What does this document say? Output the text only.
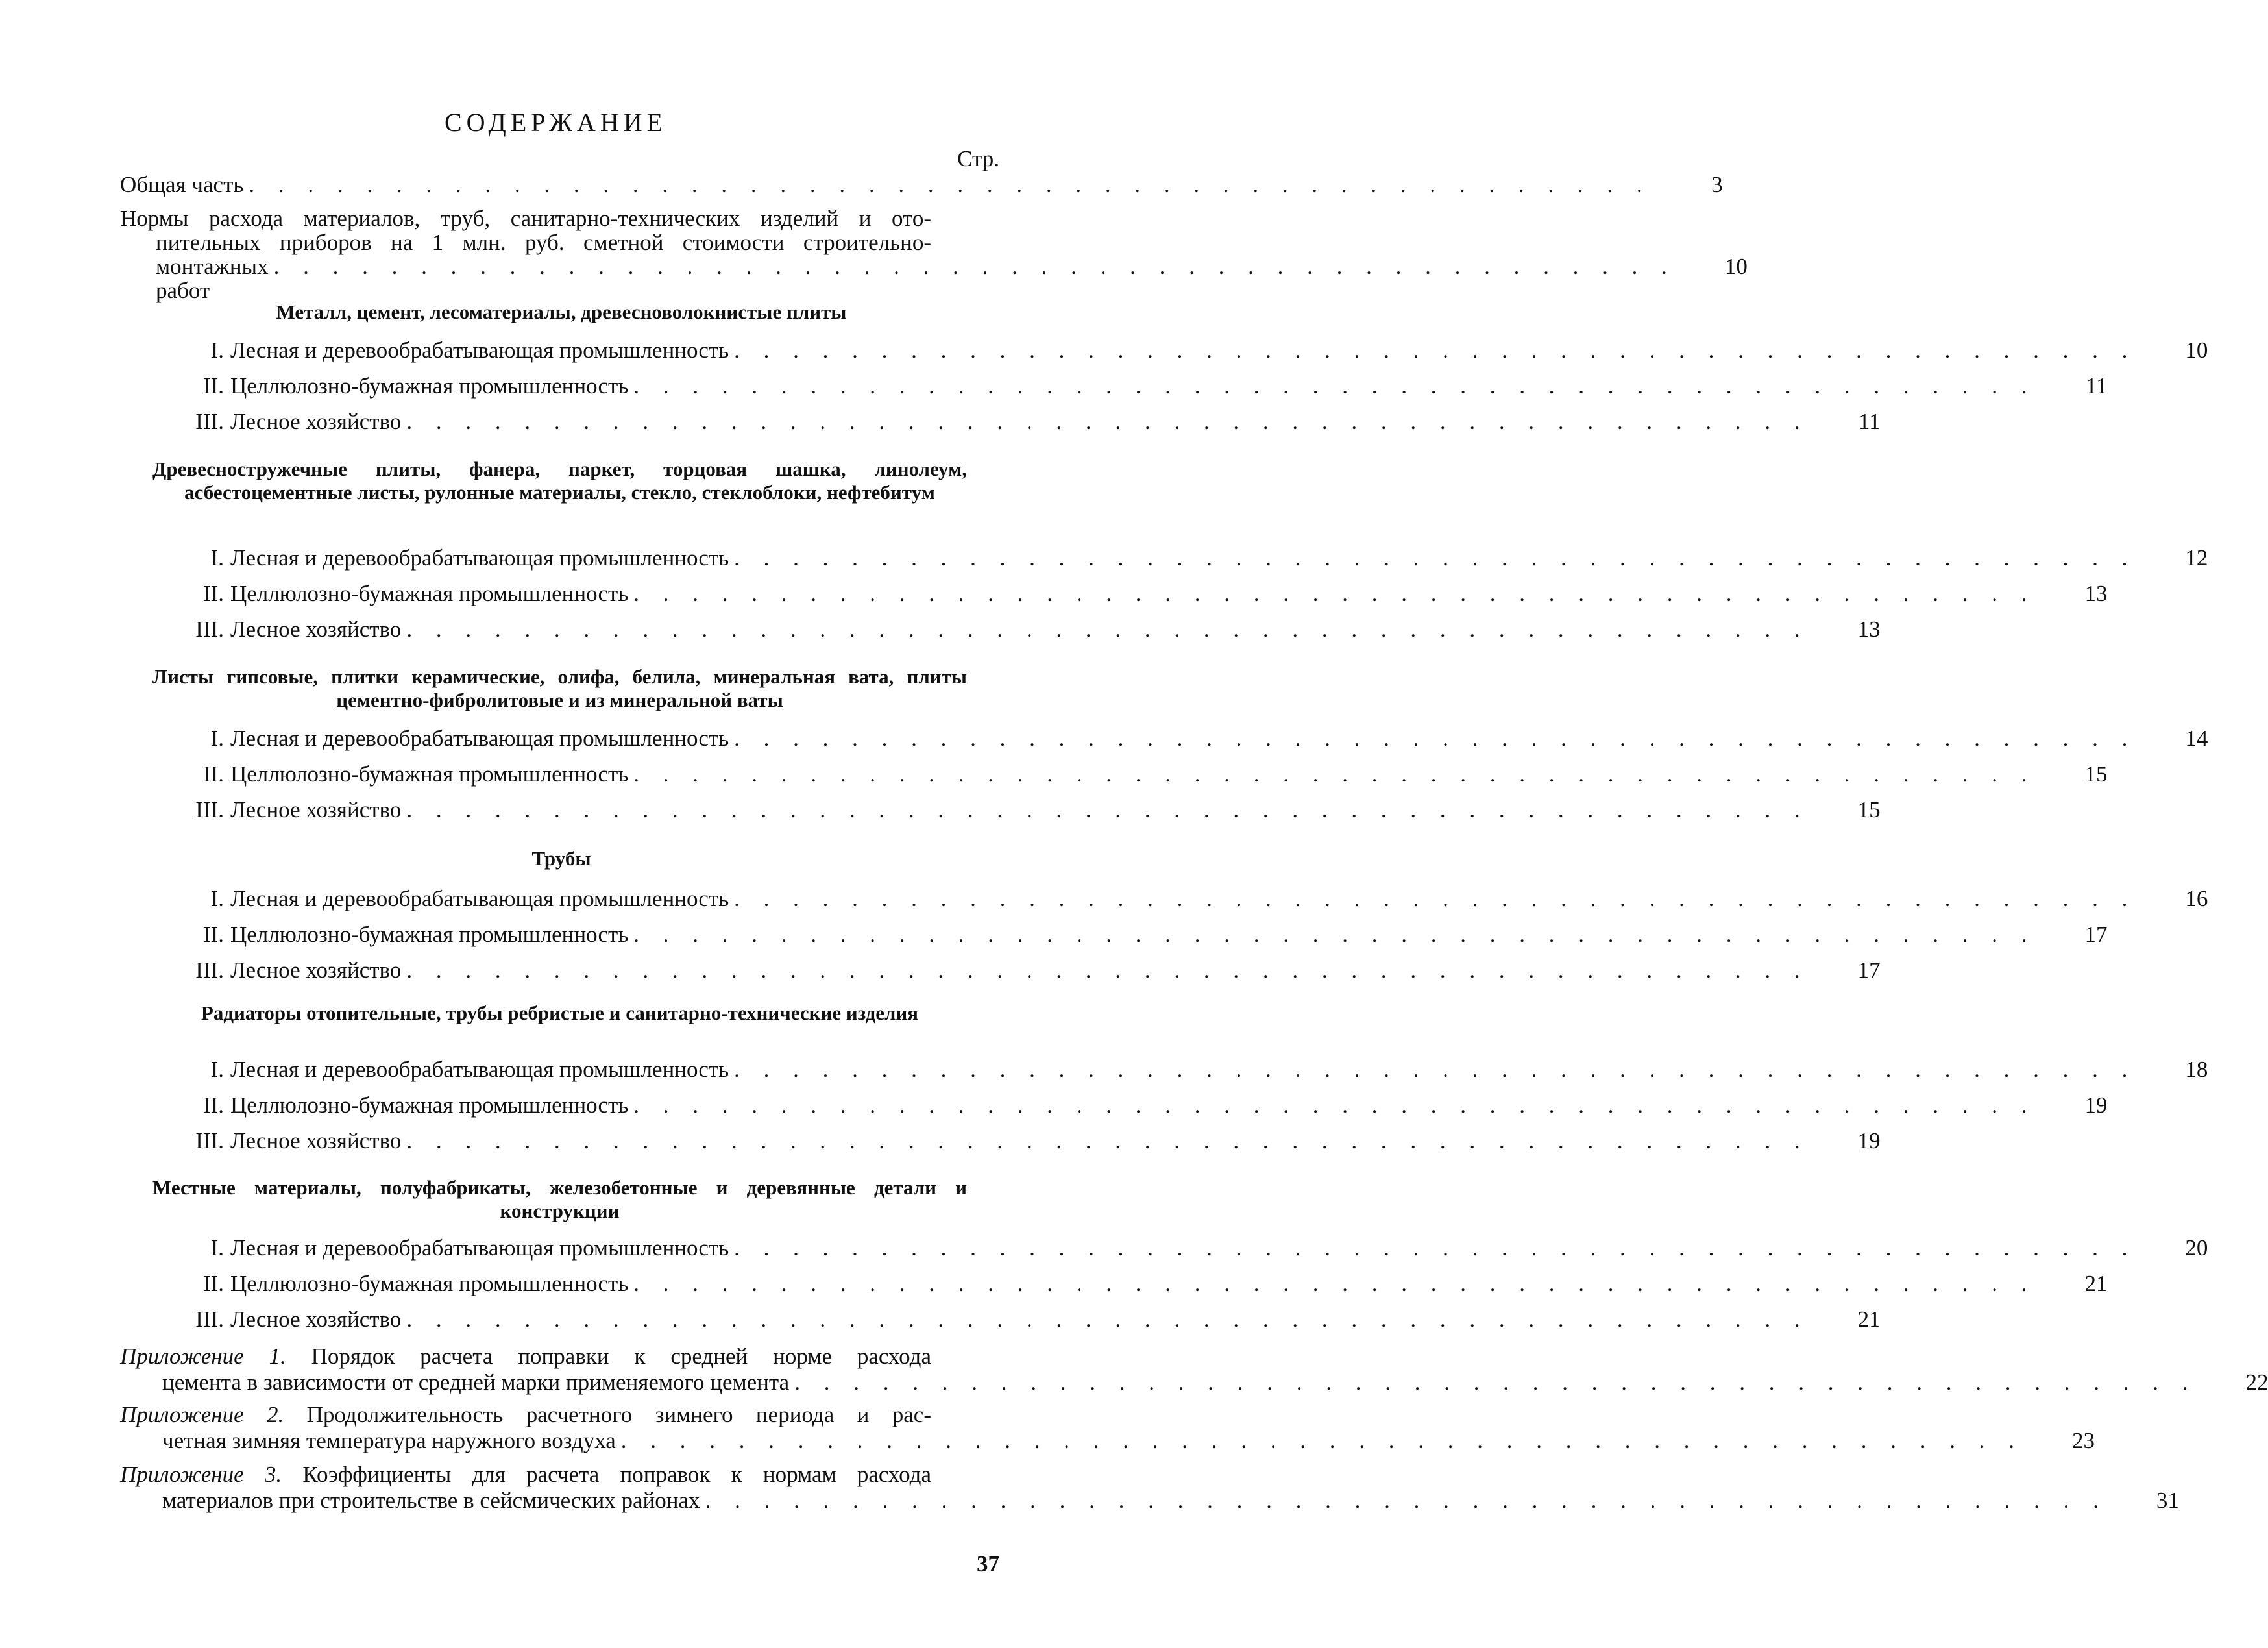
СОДЕРЖАНИЕ
Стр.
Общая часть . . . . . . . . . . . . . . . . . . . . . . . . . . . . . . . . . . . . . . . . . . . . . . . .	3
Нормы расхода материалов, труб, санитарно-технических изделий и ото-
пительных приборов на 1 млн. руб. сметной стоимости строительно-
монтажных работ
. . . . . . . . . . . . . . . . . . . . . . . . . . . . . . . . . . . . . . . . . . . . . . . .	10
Металл, цемент, лесоматериалы, древесноволокнистые плиты
I. Лесная и деревообрабатывающая промышленность . . . . . . . . . . . . . . . . . . . . . . . . . . . . . . . . . . . . . . . . . . . . . . . .	10
II. Целлюлозно-бумажная промышленность . . . . . . . . . . . . . . . . . . . . . . . . . . . . . . . . . . . . . . . . . . . . . . . .	11
III. Лесное хозяйство . . . . . . . . . . . . . . . . . . . . . . . . . . . . . . . . . . . . . . . . . . . . . . . .	11
Древесностружечные плиты, фанера, паркет, торцовая шашка, линолеум, асбестоцементные листы, рулонные материалы, стекло, стеклоблоки, нефтебитум
I. Лесная и деревообрабатывающая промышленность . . . . . . . . . . . . . . . . . . . . . . . . . . . . . . . . . . . . . . . . . . . . . . . .	12
II. Целлюлозно-бумажная промышленность . . . . . . . . . . . . . . . . . . . . . . . . . . . . . . . . . . . . . . . . . . . . . . . .	13
III. Лесное хозяйство . . . . . . . . . . . . . . . . . . . . . . . . . . . . . . . . . . . . . . . . . . . . . . . .	13
Листы гипсовые, плитки керамические, олифа, белила, минеральная вата, плиты цементно-фибролитовые и из минеральной ваты
I. Лесная и деревообрабатывающая промышленность . . . . . . . . . . . . . . . . . . . . . . . . . . . . . . . . . . . . . . . . . . . . . . . .	14
II. Целлюлозно-бумажная промышленность . . . . . . . . . . . . . . . . . . . . . . . . . . . . . . . . . . . . . . . . . . . . . . . .	15
III. Лесное хозяйство . . . . . . . . . . . . . . . . . . . . . . . . . . . . . . . . . . . . . . . . . . . . . . . .	15
Трубы
I. Лесная и деревообрабатывающая промышленность . . . . . . . . . . . . . . . . . . . . . . . . . . . . . . . . . . . . . . . . . . . . . . . .	16
II. Целлюлозно-бумажная промышленность . . . . . . . . . . . . . . . . . . . . . . . . . . . . . . . . . . . . . . . . . . . . . . . .	17
III. Лесное хозяйство . . . . . . . . . . . . . . . . . . . . . . . . . . . . . . . . . . . . . . . . . . . . . . . .	17
Радиаторы отопительные, трубы ребристые и санитарно-технические изделия
I. Лесная и деревообрабатывающая промышленность . . . . . . . . . . . . . . . . . . . . . . . . . . . . . . . . . . . . . . . . . . . . . . . .	18
II. Целлюлозно-бумажная промышленность . . . . . . . . . . . . . . . . . . . . . . . . . . . . . . . . . . . . . . . . . . . . . . . .	19
III. Лесное хозяйство . . . . . . . . . . . . . . . . . . . . . . . . . . . . . . . . . . . . . . . . . . . . . . . .	19
Местные материалы, полуфабрикаты, железобетонные и деревянные детали и конструкции
I. Лесная и деревообрабатывающая промышленность . . . . . . . . . . . . . . . . . . . . . . . . . . . . . . . . . . . . . . . . . . . . . . . .	20
II. Целлюлозно-бумажная промышленность . . . . . . . . . . . . . . . . . . . . . . . . . . . . . . . . . . . . . . . . . . . . . . . .	21
III. Лесное хозяйство . . . . . . . . . . . . . . . . . . . . . . . . . . . . . . . . . . . . . . . . . . . . . . . .	21
Приложение 1. Порядок расчета поправки к средней норме расхода
цемента в зависимости от средней марки применяемого цемента . . . . . . . . . . . . . . . . . . . . . . . . . . . . . . . . . . . . . . . . . . . . . . . .	22
Приложение 2. Продолжительность расчетного зимнего периода и рас-
четная зимняя температура наружного воздуха . . . . . . . . . . . . . . . . . . . . . . . . . . . . . . . . . . . . . . . . . . . . . . . .	23
Приложение 3. Коэффициенты для расчета поправок к нормам расхода
материалов при строительстве в сейсмических районах . . . . . . . . . . . . . . . . . . . . . . . . . . . . . . . . . . . . . . . . . . . . . . . .	31
37
